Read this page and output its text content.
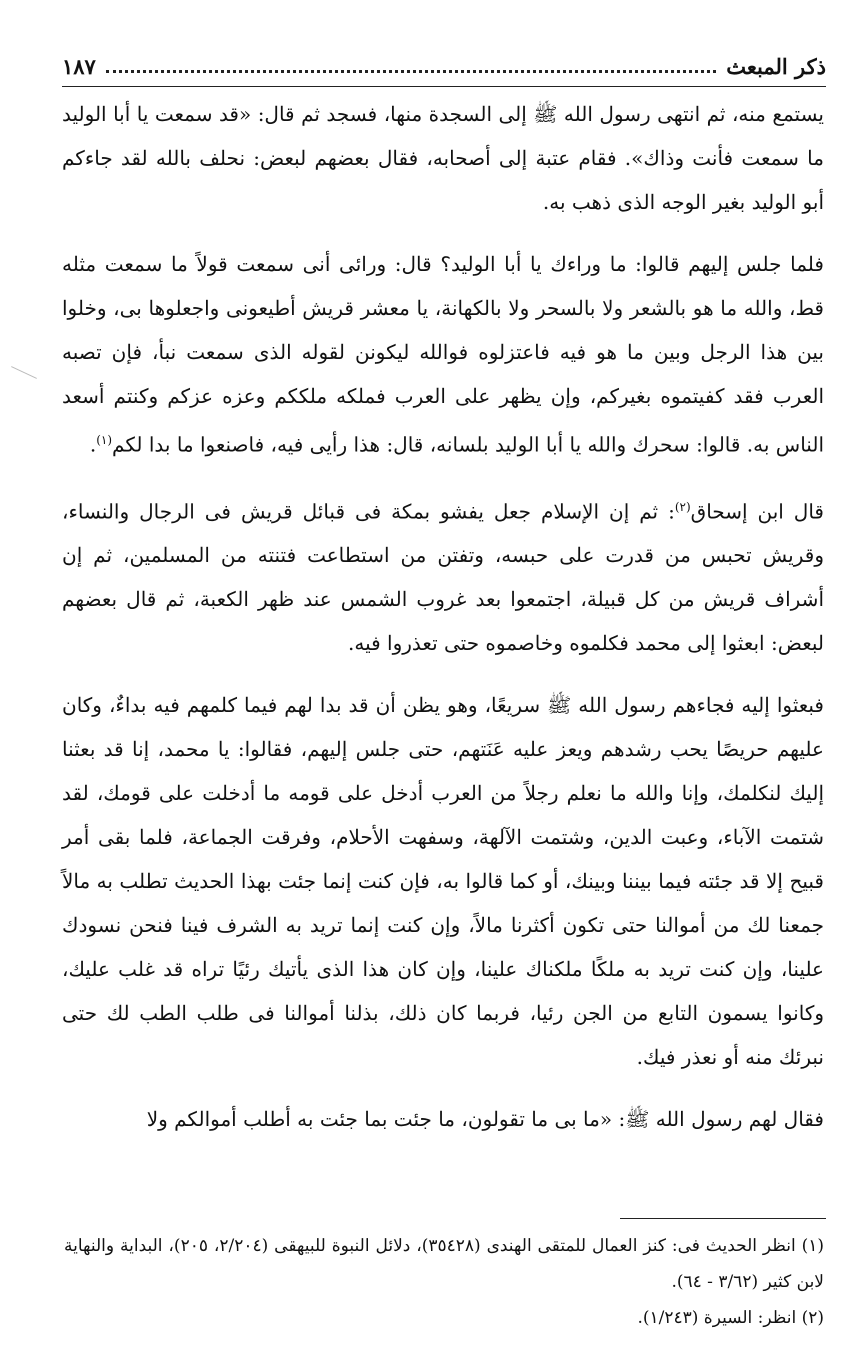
ذكر المبعث
١٨٧

يستمع منه، ثم انتهى رسول الله ﷺ إلى السجدة منها، فسجد ثم قال: «قد سمعت يا أبا الوليد ما سمعت فأنت وذاك». فقام عتبة إلى أصحابه، فقال بعضهم لبعض: نحلف بالله لقد جاءكم أبو الوليد بغير الوجه الذى ذهب به.

فلما جلس إليهم قالوا: ما وراءك يا أبا الوليد؟ قال: ورائى أنى سمعت قولاً ما سمعت مثله قط، والله ما هو بالشعر ولا بالسحر ولا بالكهانة، يا معشر قريش أطيعونى واجعلوها بى، وخلوا بين هذا الرجل وبين ما هو فيه فاعتزلوه فوالله ليكونن لقوله الذى سمعت نبأ، فإن تصبه العرب فقد كفيتموه بغيركم، وإن يظهر على العرب فملكه ملككم وعزه عزكم وكنتم أسعد الناس به. قالوا: سحرك والله يا أبا الوليد بلسانه، قال: هذا رأيى فيه، فاصنعوا ما بدا لكم$^{(١)}$.

قال ابن إسحاق$^{(٢)}$: ثم إن الإسلام جعل يفشو بمكة فى قبائل قريش فى الرجال والنساء، وقريش تحبس من قدرت على حبسه، وتفتن من استطاعت فتنته من المسلمين، ثم إن أشراف قريش من كل قبيلة، اجتمعوا بعد غروب الشمس عند ظهر الكعبة، ثم قال بعضهم لبعض: ابعثوا إلى محمد فكلموه وخاصموه حتى تعذروا فيه.

فبعثوا إليه فجاءهم رسول الله ﷺ سريعًا، وهو يظن أن قد بدا لهم فيما كلمهم فيه بداءٌ، وكان عليهم حريصًا يحب رشدهم ويعز عليه عَنَتهم، حتى جلس إليهم، فقالوا: يا محمد، إنا قد بعثنا إليك لنكلمك، وإنا والله ما نعلم رجلاً من العرب أدخل على قومه ما أدخلت على قومك، لقد شتمت الآباء، وعبت الدين، وشتمت الآلهة، وسفهت الأحلام، وفرقت الجماعة، فلما بقى أمر قبيح إلا قد جئته فيما بيننا وبينك، أو كما قالوا به، فإن كنت إنما جئت بهذا الحديث تطلب به مالاً جمعنا لك من أموالنا حتى تكون أكثرنا مالاً، وإن كنت إنما تريد به الشرف فينا فنحن نسودك علينا، وإن كنت تريد به ملكًا ملكناك علينا، وإن كان هذا الذى يأتيك رئيًا تراه قد غلب عليك، وكانوا يسمون التابع من الجن رئيا، فربما كان ذلك، بذلنا أموالنا فى طلب الطب لك حتى نبرئك منه أو نعذر فيك.

فقال لهم رسول الله ﷺ: «ما بى ما تقولون، ما جئت بما جئت به أطلب أموالكم ولا

(١) انظر الحديث فى: كنز العمال للمتقى الهندى (٣٥٤٢٨)، دلائل النبوة للبيهقى (٢/٢٠٤، ٢٠٥)، البداية والنهاية لابن كثير (٣/٦٢ - ٦٤).

(٢) انظر: السيرة (١/٢٤٣).
